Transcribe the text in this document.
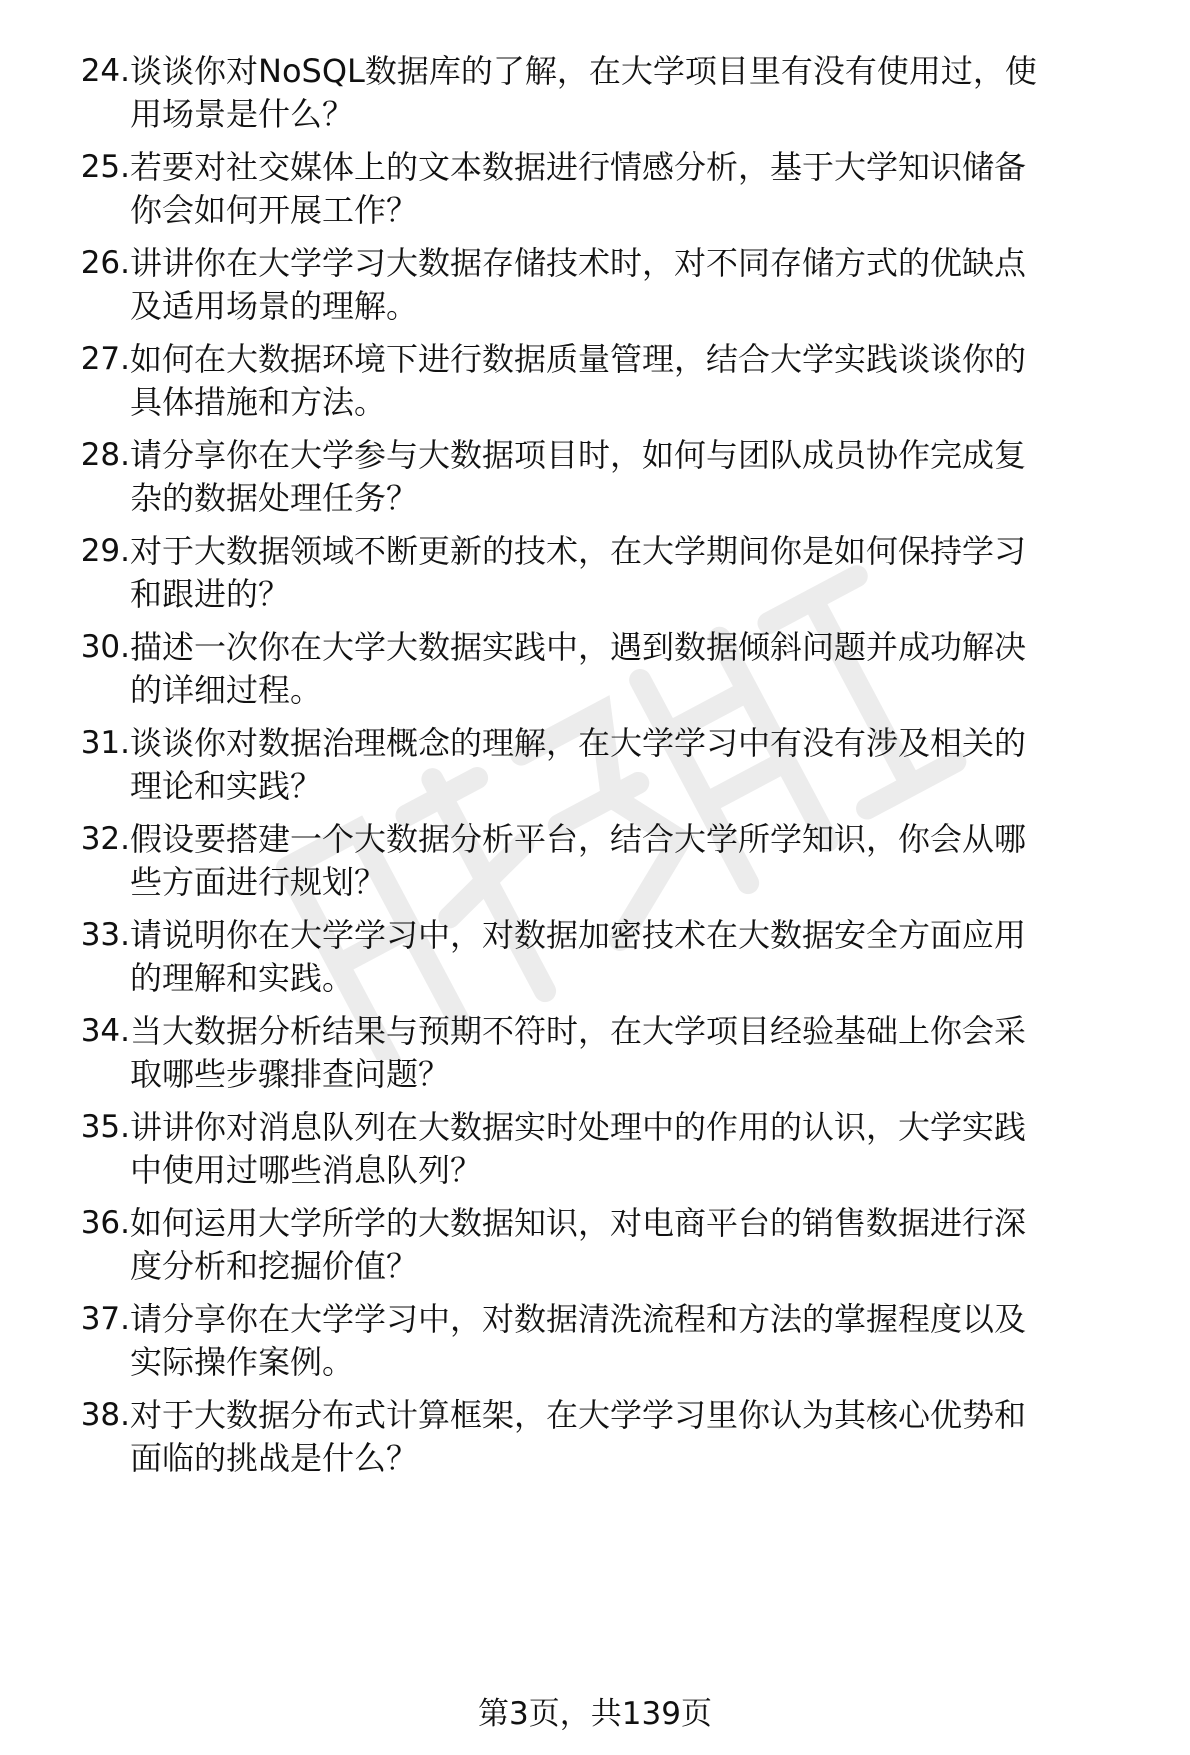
24. 谈谈你对NoSQL数据库的了解，在大学项目里有没有使用过，使
用场景是什么？
25. 若要对社交媒体上的文本数据进行情感分析，基于大学知识储备
你会如何开展工作？
26. 讲讲你在大学学习大数据存储技术时，对不同存储方式的优缺点
及适用场景的理解。
27. 如何在大数据环境下进行数据质量管理，结合大学实践谈谈你的
具体措施和方法。
28. 请分享你在大学参与大数据项目时，如何与团队成员协作完成复
杂的数据处理任务？
29. 对于大数据领域不断更新的技术，在大学期间你是如何保持学习
和跟进的？
30. 描述一次你在大学大数据实践中，遇到数据倾斜问题并成功解决
的详细过程。
31. 谈谈你对数据治理概念的理解，在大学学习中有没有涉及相关的
理论和实践？
32. 假设要搭建一个大数据分析平台，结合大学所学知识，你会从哪
些方面进行规划？
33. 请说明你在大学学习中，对数据加密技术在大数据安全方面应用
的理解和实践。
34. 当大数据分析结果与预期不符时，在大学项目经验基础上你会采
取哪些步骤排查问题？
35. 讲讲你对消息队列在大数据实时处理中的作用的认识，大学实践
中使用过哪些消息队列？
36. 如何运用大学所学的大数据知识，对电商平台的销售数据进行深
度分析和挖掘价值？
37. 请分享你在大学学习中，对数据清洗流程和方法的掌握程度以及
实际操作案例。
38. 对于大数据分布式计算框架，在大学学习里你认为其核心优势和
面临的挑战是什么？
第3页，共139页
